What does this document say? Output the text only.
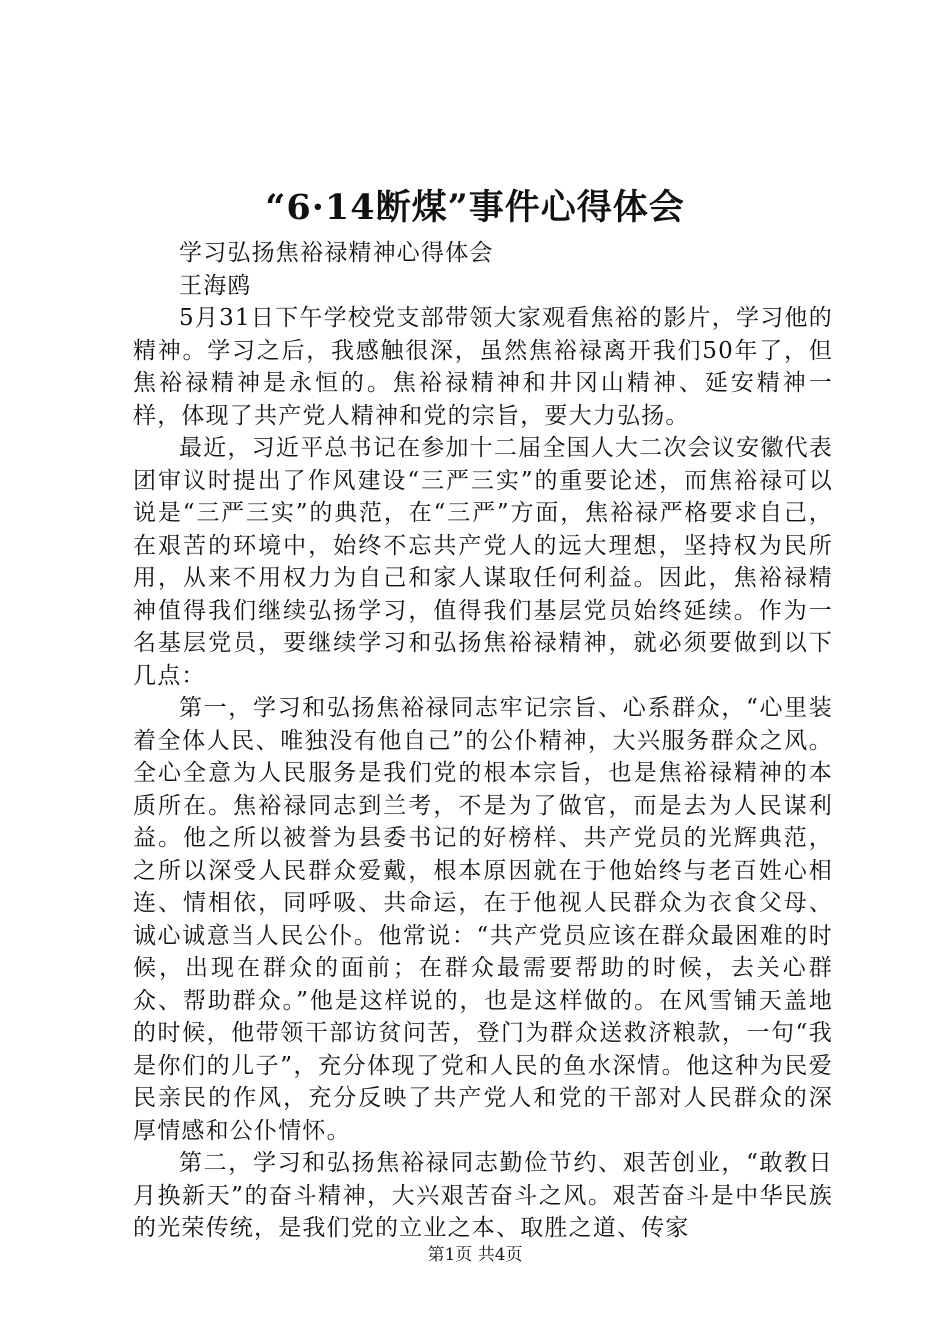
“6·14断煤”事件心得体会

学习弘扬焦裕禄精神心得体会

王海鸥

5月31日下午学校党支部带领大家观看焦裕的影片，学习他的精神。学习之后，我感触很深，虽然焦裕禄离开我们50年了，但焦裕禄精神是永恒的。焦裕禄精神和井冈山精神、延安精神一样，体现了共产党人精神和党的宗旨，要大力弘扬。

最近，习近平总书记在参加十二届全国人大二次会议安徽代表团审议时提出了作风建设“三严三实”的重要论述，而焦裕禄可以说是“三严三实”的典范，在“三严”方面，焦裕禄严格要求自己，在艰苦的环境中，始终不忘共产党人的远大理想，坚持权为民所用，从来不用权力为自己和家人谋取任何利益。因此，焦裕禄精神值得我们继续弘扬学习，值得我们基层党员始终延续。作为一名基层党员，要继续学习和弘扬焦裕禄精神，就必须要做到以下几点：

第一，学习和弘扬焦裕禄同志牢记宗旨、心系群众，“心里装着全体人民、唯独没有他自己”的公仆精神，大兴服务群众之风。全心全意为人民服务是我们党的根本宗旨，也是焦裕禄精神的本质所在。焦裕禄同志到兰考，不是为了做官，而是去为人民谋利益。他之所以被誉为县委书记的好榜样、共产党员的光辉典范，之所以深受人民群众爱戴，根本原因就在于他始终与老百姓心相连、情相依，同呼吸、共命运，在于他视人民群众为衣食父母、诚心诚意当人民公仆。他常说：“共产党员应该在群众最困难的时候，出现在群众的面前；在群众最需要帮助的时候，去关心群众、帮助群众。”他是这样说的，也是这样做的。在风雪铺天盖地的时候，他带领干部访贫问苦，登门为群众送救济粮款，一句“我是你们的儿子”，充分体现了党和人民的鱼水深情。他这种为民爱民亲民的作风，充分反映了共产党人和党的干部对人民群众的深厚情感和公仆情怀。

第二，学习和弘扬焦裕禄同志勤俭节约、艰苦创业，“敢教日月换新天”的奋斗精神，大兴艰苦奋斗之风。艰苦奋斗是中华民族的光荣传统，是我们党的立业之本、取胜之道、传家

第1页 共4页
